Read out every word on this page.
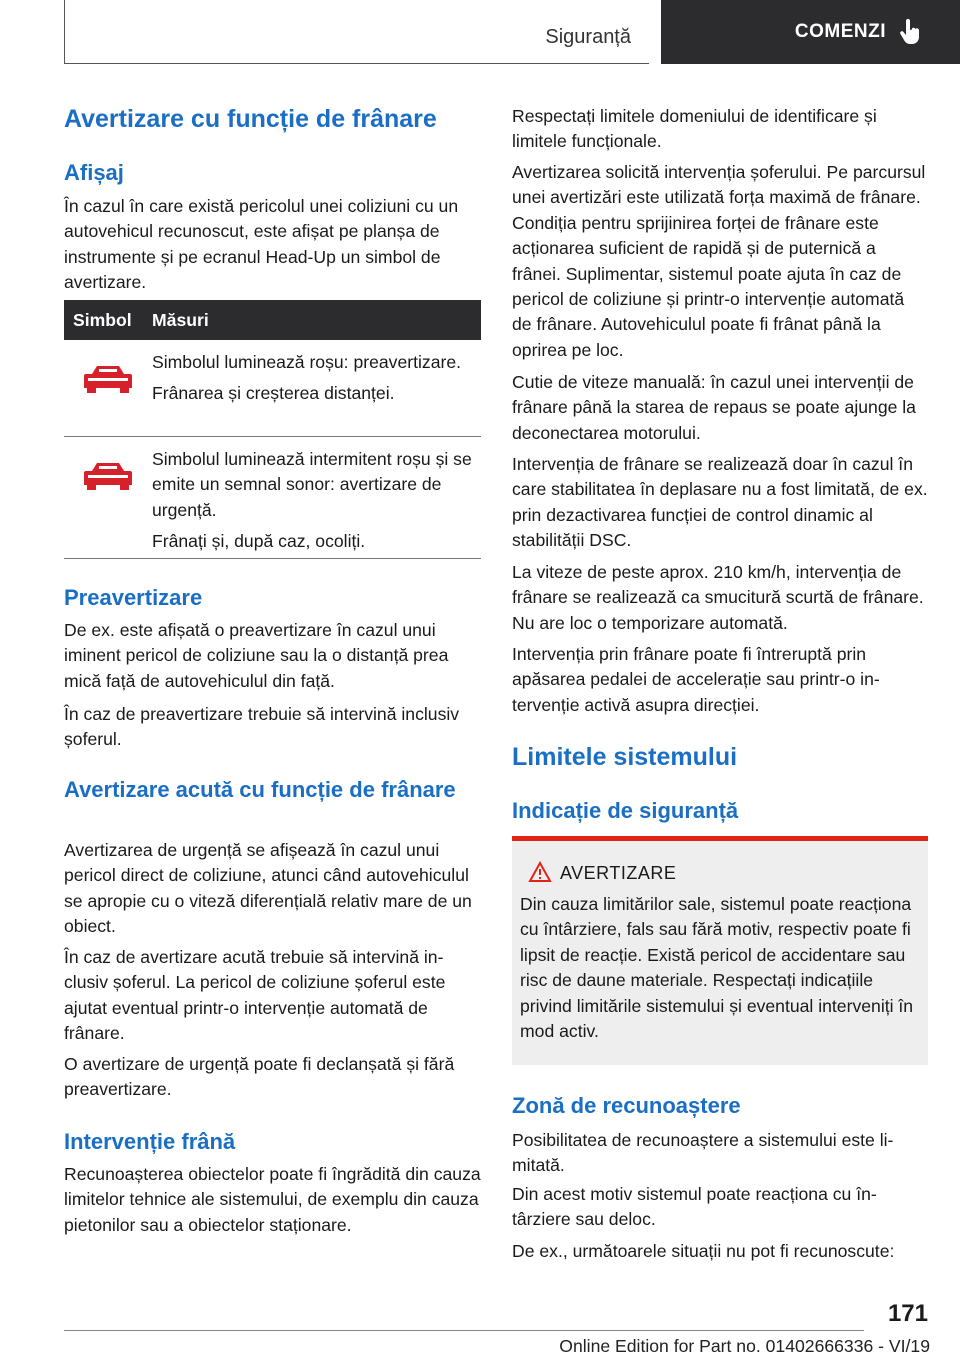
Siguranță	COMENZI
Avertizare cu funcție de frânare
Afișaj

În cazul în care există pericolul unei coliziuni cu un autovehicul recunoscut, este afișat pe planșa de instrumente și pe ecranul Head-Up un simbol de avertizare.

Simbol	Măsuri

Simbolul luminează roșu: preavertizare.

Frânarea și creșterea distanței.

Simbolul luminează intermitent roșu și se emite un semnal sonor: avertizare de urgență.

Frânați și, după caz, ocoliți.

Preavertizare

De ex. este afișată o preavertizare în cazul unui iminent pericol de coliziune sau la o distanță prea mică față de autovehiculul din față.

În caz de preavertizare trebuie să intervină inclusiv șoferul.

Avertizare acută cu funcție de frânare

Avertizarea de urgență se afișează în cazul unui pericol direct de coliziune, atunci când autovehiculul se apropie cu o viteză diferențială relativ mare de un obiect.

În caz de avertizare acută trebuie să intervină inclusiv șoferul. La pericol de coliziune șoferul este ajutat eventual printr-o intervenție automată de frânare.

O avertizare de urgență poate fi declanșată și fără preavertizare.

Intervenție frână

Recunoașterea obiectelor poate fi îngrădită din cauza limitelor tehnice ale sistemului, de exemplu din cauza pietonilor sau a obiectelor staționare.

Respectați limitele domeniului de identificare și limitele funcționale.

Avertizarea solicită intervenția șoferului. Pe parcursul unei avertizări este utilizată forța maximă de frânare. Condiția pentru sprijinirea forței de frânare este acționarea suficient de rapidă și de puternică a frânei. Suplimentar, sistemul poate ajuta în caz de pericol de coliziune și printr-o intervenție automată de frânare. Autovehiculul poate fi frânat până la oprirea pe loc.

Cutie de viteze manuală: în cazul unei intervenții de frânare până la starea de repaus se poate ajunge la deconectarea motorului.

Intervenția de frânare se realizează doar în cazul în care stabilitatea în deplasare nu a fost limitată, de ex. prin dezactivarea funcției de control dinamic al stabilității DSC.

La viteze de peste aprox. 210 km/h, intervenția de frânare se realizează ca smucitură scurtă de frânare. Nu are loc o temporizare automată.

Intervenția prin frânare poate fi întreruptă prin apăsarea pedalei de accelerație sau printr-o intervenție activă asupra direcției.

Limitele sistemului
Indicație de siguranță
AVERTIZARE

Din cauza limitărilor sale, sistemul poate reacționa cu întârziere, fals sau fără motiv, respectiv poate fi lipsit de reacție. Există pericol de accidentare sau risc de daune materiale. Respectați indicațiile privind limitările sistemului și eventual interveniți în mod activ.

Zonă de recunoaștere

Posibilitatea de recunoaștere a sistemului este limitată.

Din acest motiv sistemul poate reacționa cu întârziere sau deloc.

De ex., următoarele situații nu pot fi recunoscute:

171
Online Edition for Part no. 01402666336 - VI/19
